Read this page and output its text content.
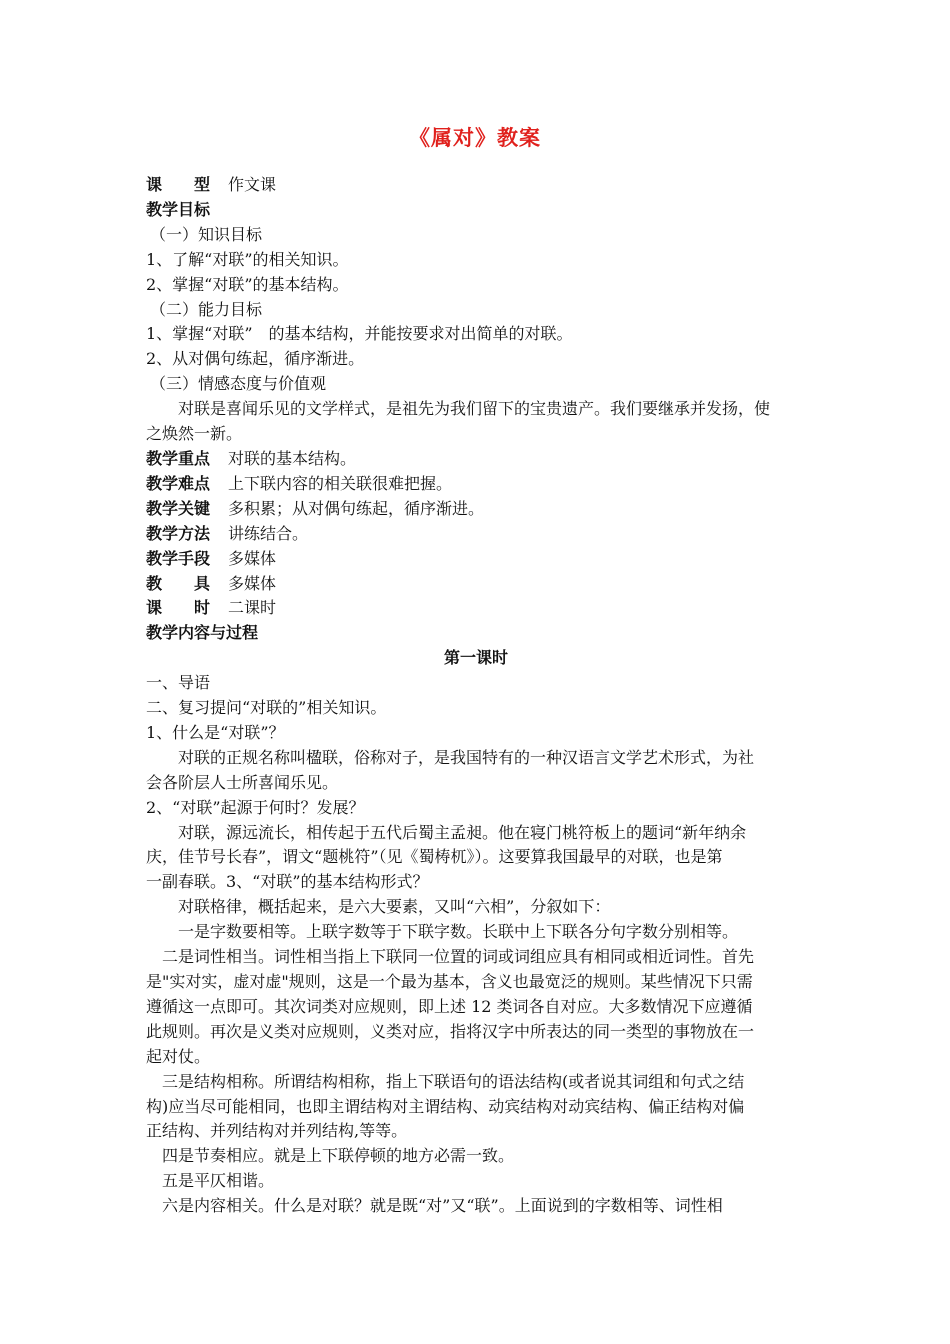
《属对》教案
课　　型 作文课
教学目标
（一）知识目标
1、了解“对联”的相关知识。
2、掌握“对联”的基本结构。
（二）能力目标
1、掌握“对联”　的基本结构，并能按要求对出简单的对联。
2、从对偶句练起，循序渐进。
（三）情感态度与价值观
对联是喜闻乐见的文学样式，是祖先为我们留下的宝贵遗产。我们要继承并发扬，使
之焕然一新。
教学重点 对联的基本结构。
教学难点 上下联内容的相关联很难把握。
教学关键 多积累；从对偶句练起，循序渐进。
教学方法 讲练结合。
教学手段 多媒体
教　　具 多媒体
课　　时 二课时
教学内容与过程
第一课时
一、导语
二、复习提问“对联的”相关知识。
1、什么是“对联”？
对联的正规名称叫楹联，俗称对子，是我国特有的一种汉语言文学艺术形式，为社
会各阶层人士所喜闻乐见。
2、“对联”起源于何时？发展？
对联，源远流长，相传起于五代后蜀主孟昶。他在寝门桃符板上的题词“新年纳余
庆，佳节号长春”，谓文“题桃符”（见《蜀梼杌》）。这要算我国最早的对联，也是第
一副春联。3、“对联”的基本结构形式？
对联格律，概括起来，是六大要素，又叫“六相”，分叙如下：
一是字数要相等。上联字数等于下联字数。长联中上下联各分句字数分别相等。
二是词性相当。词性相当指上下联同一位置的词或词组应具有相同或相近词性。首先
是"实对实，虚对虚"规则，这是一个最为基本，含义也最宽泛的规则。某些情况下只需
遵循这一点即可。其次词类对应规则，即上述 12 类词各自对应。大多数情况下应遵循
此规则。再次是义类对应规则，义类对应，指将汉字中所表达的同一类型的事物放在一
起对仗。
三是结构相称。所谓结构相称，指上下联语句的语法结构(或者说其词组和句式之结
构)应当尽可能相同，也即主谓结构对主谓结构、动宾结构对动宾结构、偏正结构对偏
正结构、并列结构对并列结构,等等。
四是节奏相应。就是上下联停顿的地方必需一致。
五是平仄相谐。
六是内容相关。什么是对联？就是既“对”又“联”。上面说到的字数相等、词性相
